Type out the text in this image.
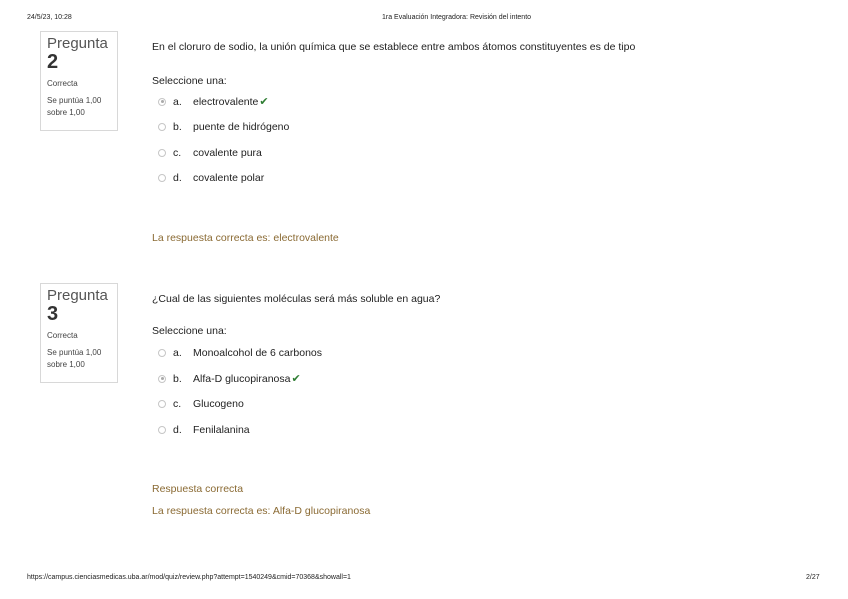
24/5/23, 10:28	1ra Evaluación Integradora: Revisión del intento
Pregunta
2
Correcta
Se puntúa 1,00
sobre 1,00
En el cloruro de sodio, la unión química que se establece entre ambos átomos constituyentes es de tipo
Seleccione una:
a.	electrovalente ✔
b.	puente de hidrógeno
c.	covalente pura
d.	covalente polar
La respuesta correcta es: electrovalente
Pregunta
3
Correcta
Se puntúa 1,00
sobre 1,00
¿Cual de las siguientes moléculas será más soluble en agua?
Seleccione una:
a.	Monoalcohol de 6 carbonos
b.	Alfa-D glucopiranosa ✔
c.	Glucogeno
d.	Fenilalanina
Respuesta correcta
La respuesta correcta es: Alfa-D glucopiranosa
https://campus.cienciasmedicas.uba.ar/mod/quiz/review.php?attempt=1540249&cmid=70368&showall=1	2/27
